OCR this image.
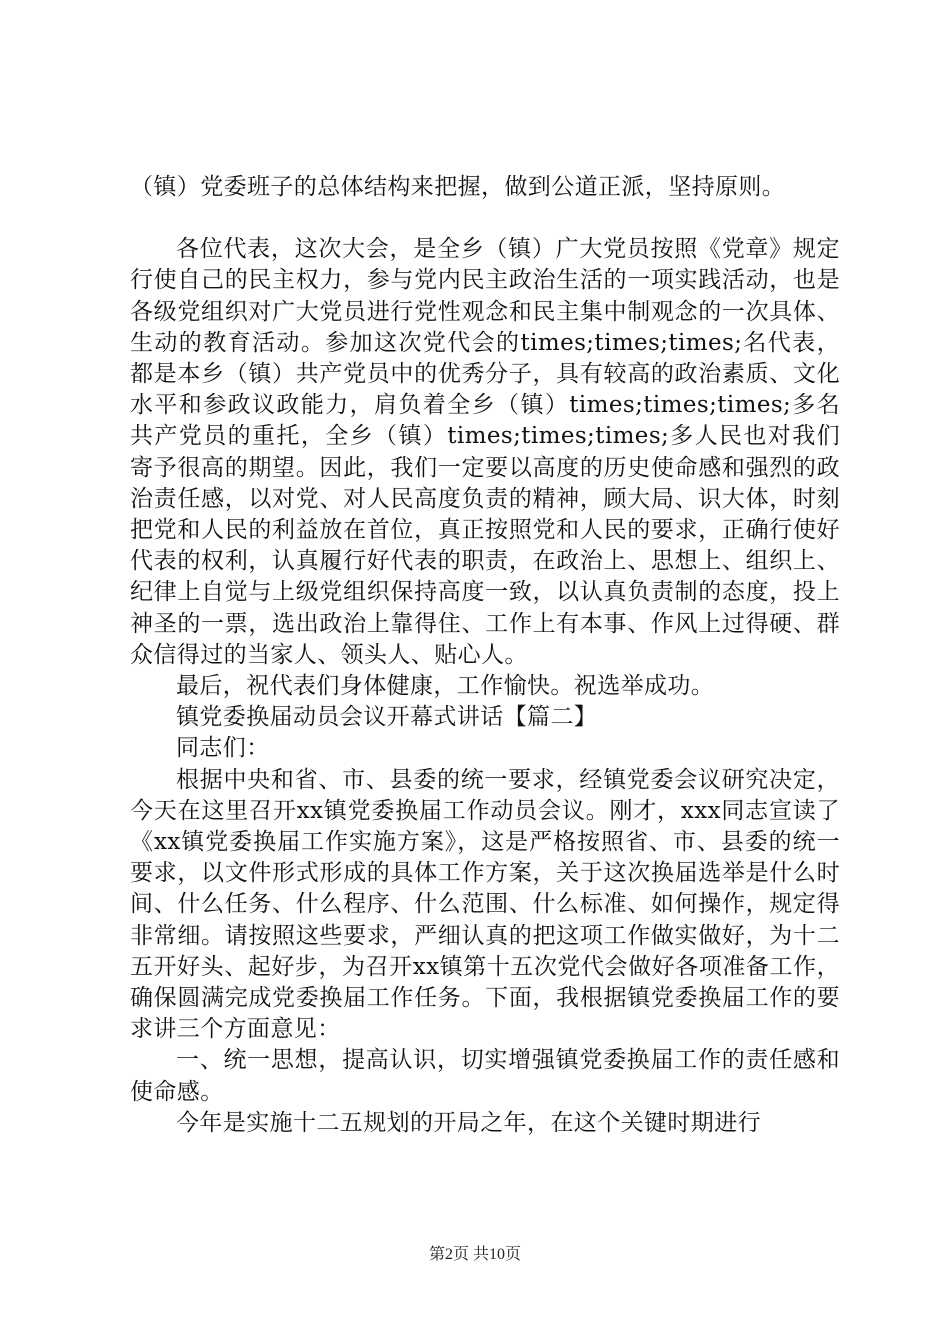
（镇）党委班子的总体结构来把握，做到公道正派，坚持原则。

各位代表，这次大会，是全乡（镇）广大党员按照《党章》规定行使自己的民主权力，参与党内民主政治生活的一项实践活动，也是各级党组织对广大党员进行党性观念和民主集中制观念的一次具体、生动的教育活动。参加这次党代会的times;times;times;名代表，都是本乡（镇）共产党员中的优秀分子，具有较高的政治素质、文化水平和参政议政能力，肩负着全乡（镇）times;times;times;多名共产党员的重托，全乡（镇）times;times;times;多人民也对我们寄予很高的期望。因此，我们一定要以高度的历史使命感和强烈的政治责任感，以对党、对人民高度负责的精神，顾大局、识大体，时刻把党和人民的利益放在首位，真正按照党和人民的要求，正确行使好代表的权利，认真履行好代表的职责，在政治上、思想上、组织上、纪律上自觉与上级党组织保持高度一致，以认真负责制的态度，投上神圣的一票，选出政治上靠得住、工作上有本事、作风上过得硬、群众信得过的当家人、领头人、贴心人。

最后，祝代表们身体健康，工作愉快。祝选举成功。

镇党委换届动员会议开幕式讲话【篇二】

同志们：

根据中央和省、市、县委的统一要求，经镇党委会议研究决定，今天在这里召开xx镇党委换届工作动员会议。刚才，xxx同志宣读了《xx镇党委换届工作实施方案》，这是严格按照省、市、县委的统一要求，以文件形式形成的具体工作方案，关于这次换届选举是什么时间、什么任务、什么程序、什么范围、什么标准、如何操作，规定得非常细。请按照这些要求，严细认真的把这项工作做实做好，为十二五开好头、起好步，为召开xx镇第十五次党代会做好各项准备工作，确保圆满完成党委换届工作任务。下面，我根据镇党委换届工作的要求讲三个方面意见：

一、统一思想，提高认识，切实增强镇党委换届工作的责任感和使命感。

今年是实施十二五规划的开局之年，在这个关键时期进行

第2页 共10页
